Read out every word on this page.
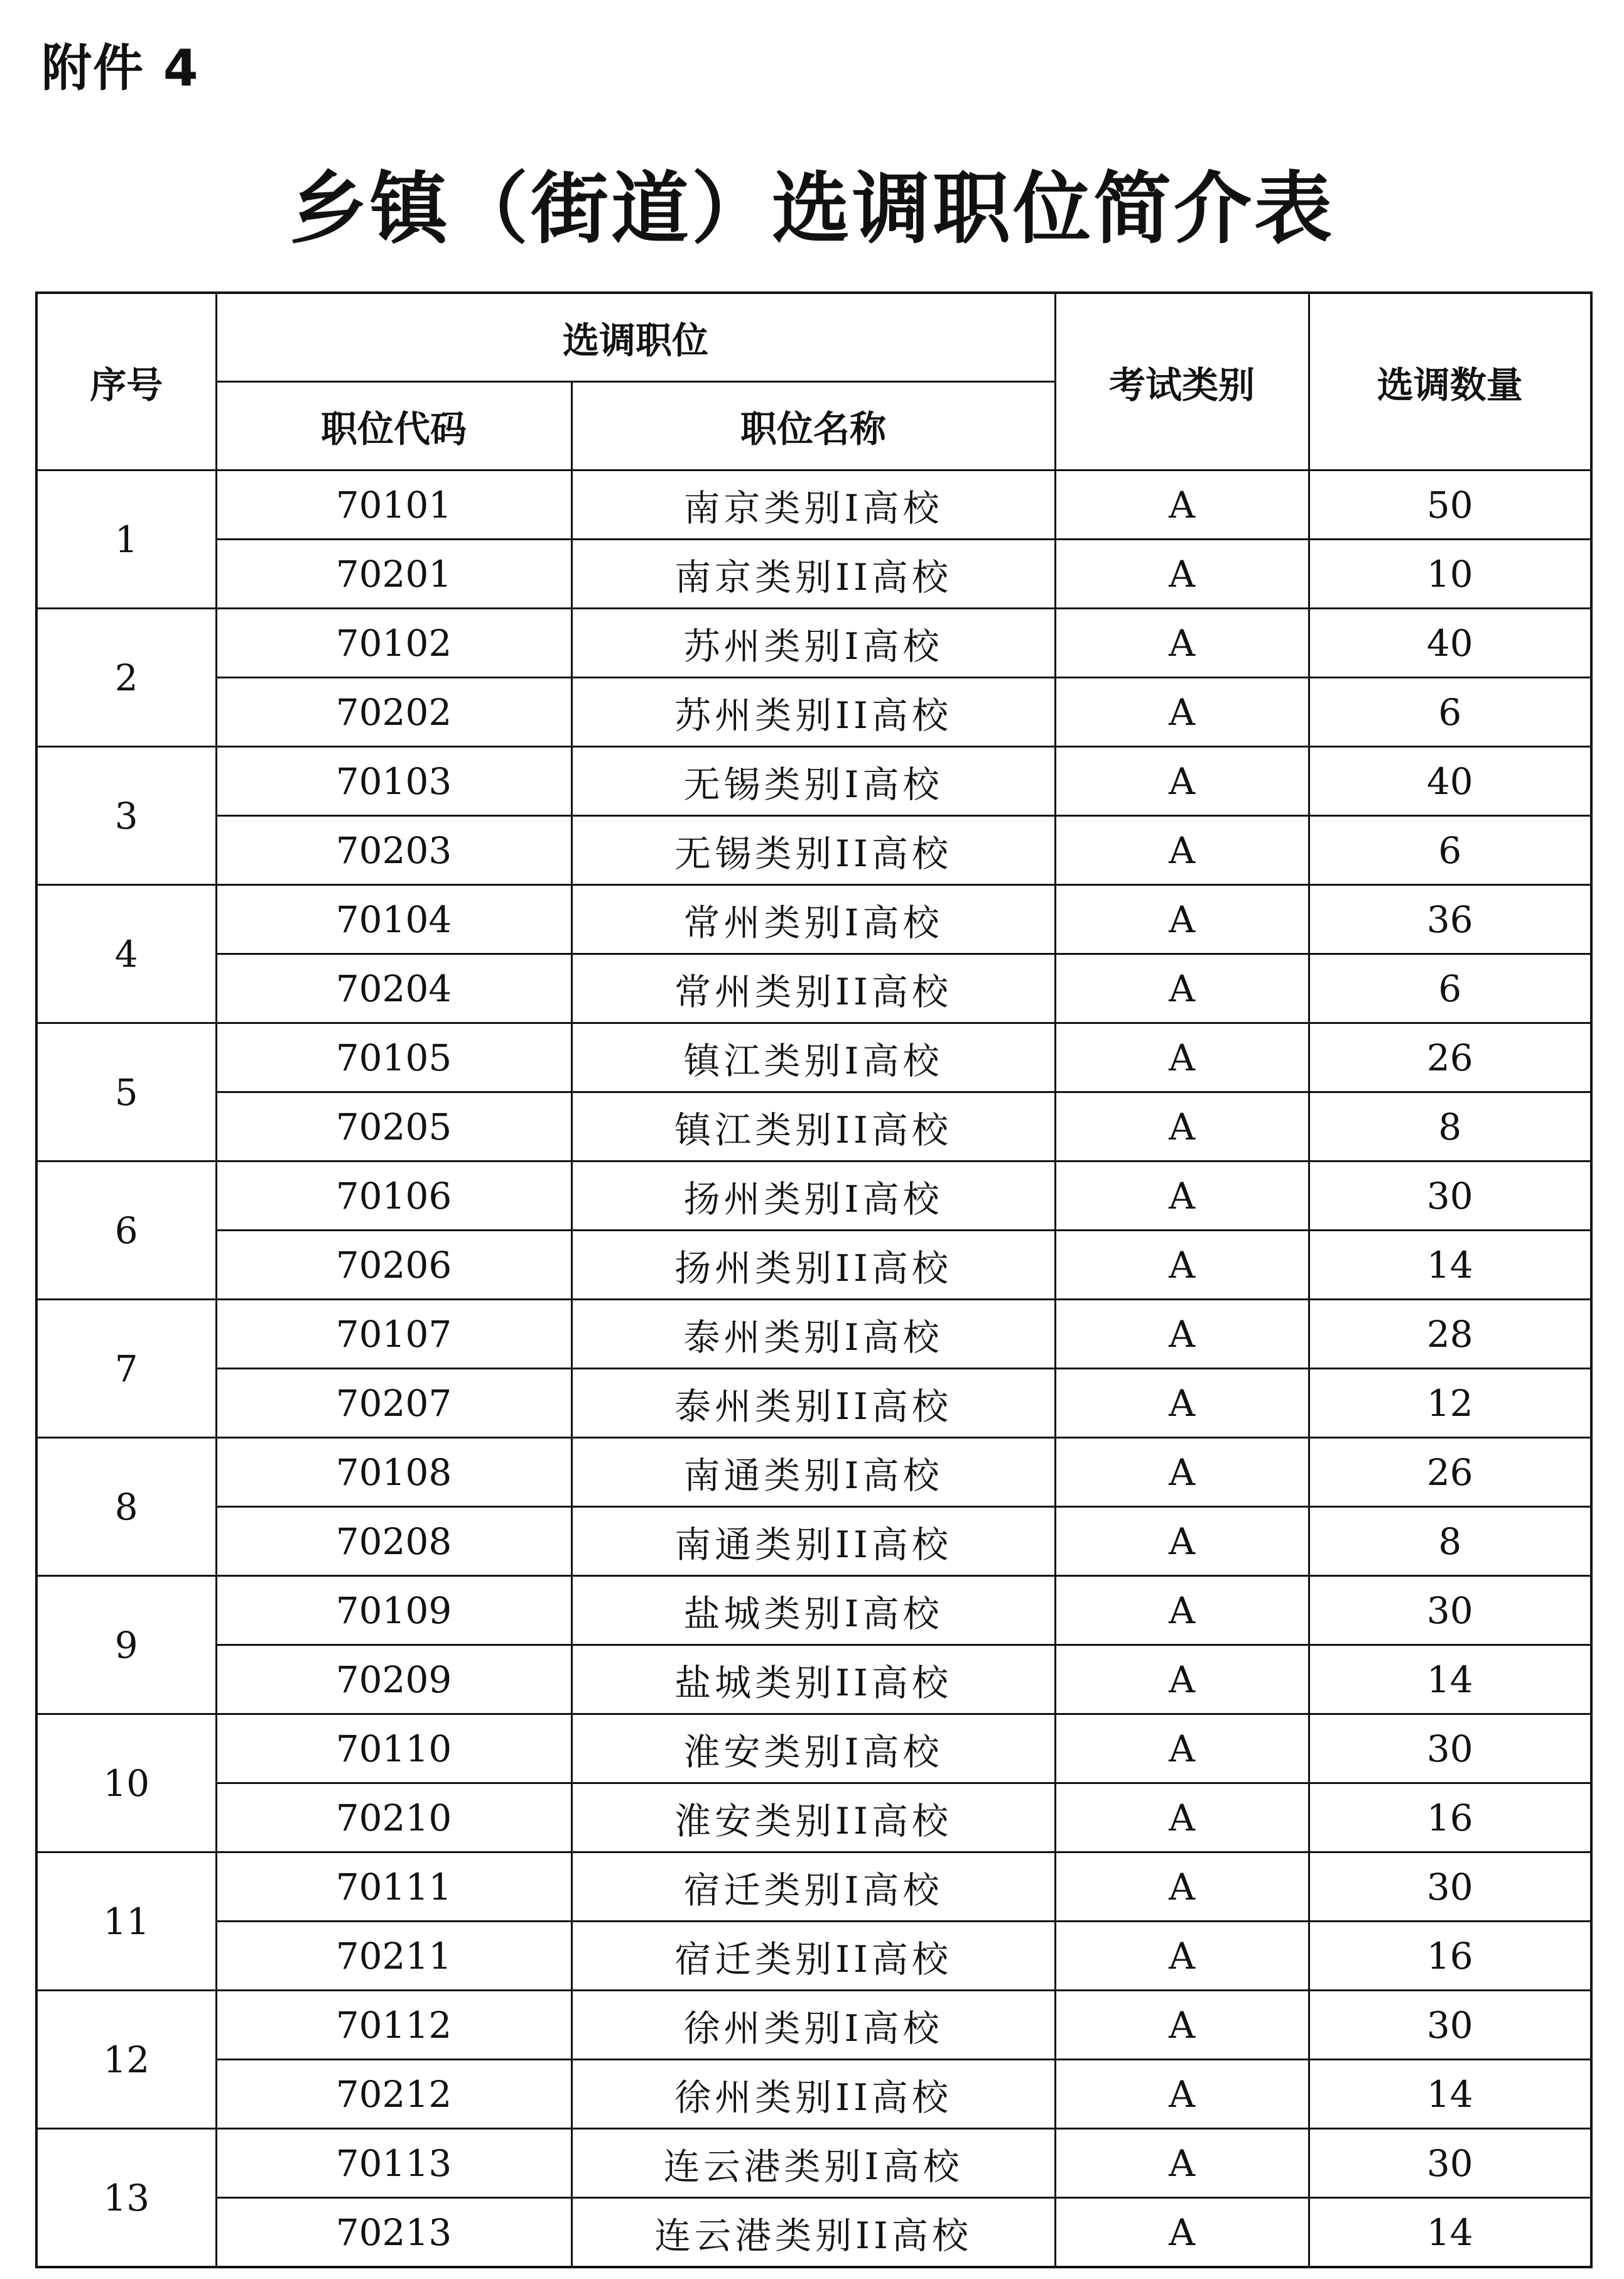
附件 4
乡镇（街道）选调职位简介表
序号	选调职位		考试类别	选调数量
	职位代码	职位名称		
1	70101	南京类别I高校	A	50
	70201	南京类别II高校	A	10
2	70102	苏州类别I高校	A	40
	70202	苏州类别II高校	A	6
3	70103	无锡类别I高校	A	40
	70203	无锡类别II高校	A	6
4	70104	常州类别I高校	A	36
	70204	常州类别II高校	A	6
5	70105	镇江类别I高校	A	26
	70205	镇江类别II高校	A	8
6	70106	扬州类别I高校	A	30
	70206	扬州类别II高校	A	14
7	70107	泰州类别I高校	A	28
	70207	泰州类别II高校	A	12
8	70108	南通类别I高校	A	26
	70208	南通类别II高校	A	8
9	70109	盐城类别I高校	A	30
	70209	盐城类别II高校	A	14
10	70110	淮安类别I高校	A	30
	70210	淮安类别II高校	A	16
11	70111	宿迁类别I高校	A	30
	70211	宿迁类别II高校	A	16
12	70112	徐州类别I高校	A	30
	70212	徐州类别II高校	A	14
13	70113	连云港类别I高校	A	30
	70213	连云港类别II高校	A	14
